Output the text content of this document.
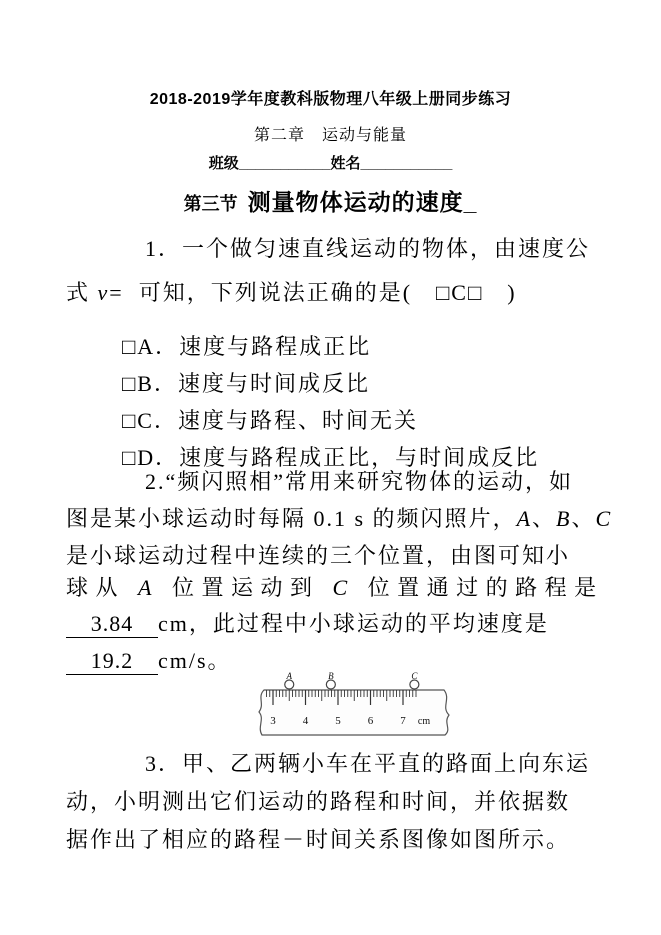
2018-2019学年度教科版物理八年级上册同步练习
第二章　运动与能量
班级___________姓名___________
第三节 测量物体运动的速度_
1．一个做匀速直线运动的物体，由速度公
式 v=  可知，下列说法正确的是(　□C□　)
□A．速度与路程成正比
□B．速度与时间成反比
□C．速度与路程、时间无关
□D．速度与路程成正比，与时间成反比
2.“频闪照相”常用来研究物体的运动，如
图是某小球运动时每隔 0.1 s 的频闪照片，A、B、C
是小球运动过程中连续的三个位置，由图可知小
球从 A 位置运动到 C 位置通过的路程是
3.84 cm，此过程中小球运动的平均速度是
19.2 cm/s。
3 4 5 6 7 cm
A	B	C
3．甲、乙两辆小车在平直的路面上向东运
动，小明测出它们运动的路程和时间，并依据数
据作出了相应的路程－时间关系图像如图所示。
